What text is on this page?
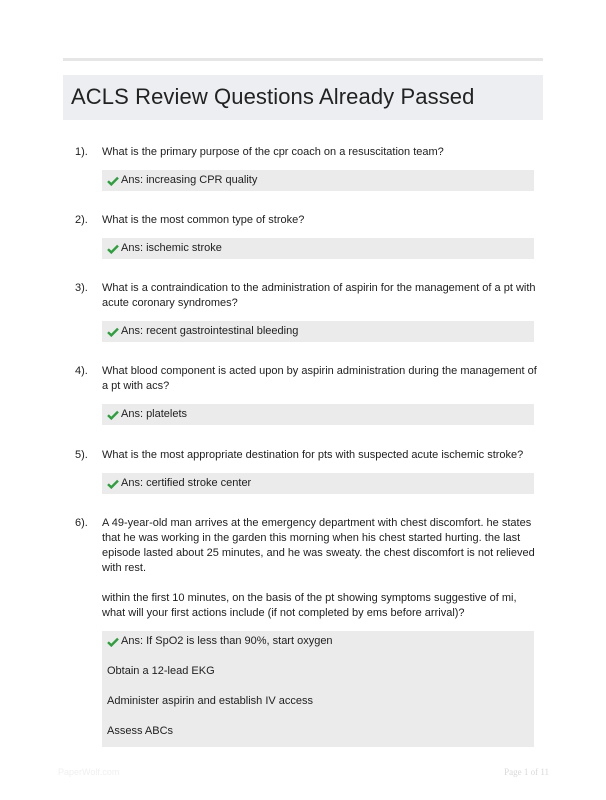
ACLS Review Questions Already Passed
1).	What is the primary purpose of the cpr coach on a resuscitation team?

Ans: increasing CPR quality
2).	What is the most common type of stroke?

Ans: ischemic stroke
3).	What is a contraindication to the administration of aspirin for the management of a pt with acute coronary syndromes?

Ans: recent gastrointestinal bleeding
4).	What blood component is acted upon by aspirin administration during the management of a pt with acs?

Ans: platelets
5).	What is the most appropriate destination for pts with suspected acute ischemic stroke?

Ans: certified stroke center
6).	A 49-year-old man arrives at the emergency department with chest discomfort. he states that he was working in the garden this morning when his chest started hurting. the last episode lasted about 25 minutes, and he was sweaty. the chest discomfort is not relieved with rest.

within the first 10 minutes, on the basis of the pt showing symptoms suggestive of mi, what will your first actions include (if not completed by ems before arrival)?

Ans: If SpO2 is less than 90%, start oxygen
Obtain a 12-lead EKG
Administer aspirin and establish IV access
Assess ABCs
PaperWolf.com	Page 1 of 11
